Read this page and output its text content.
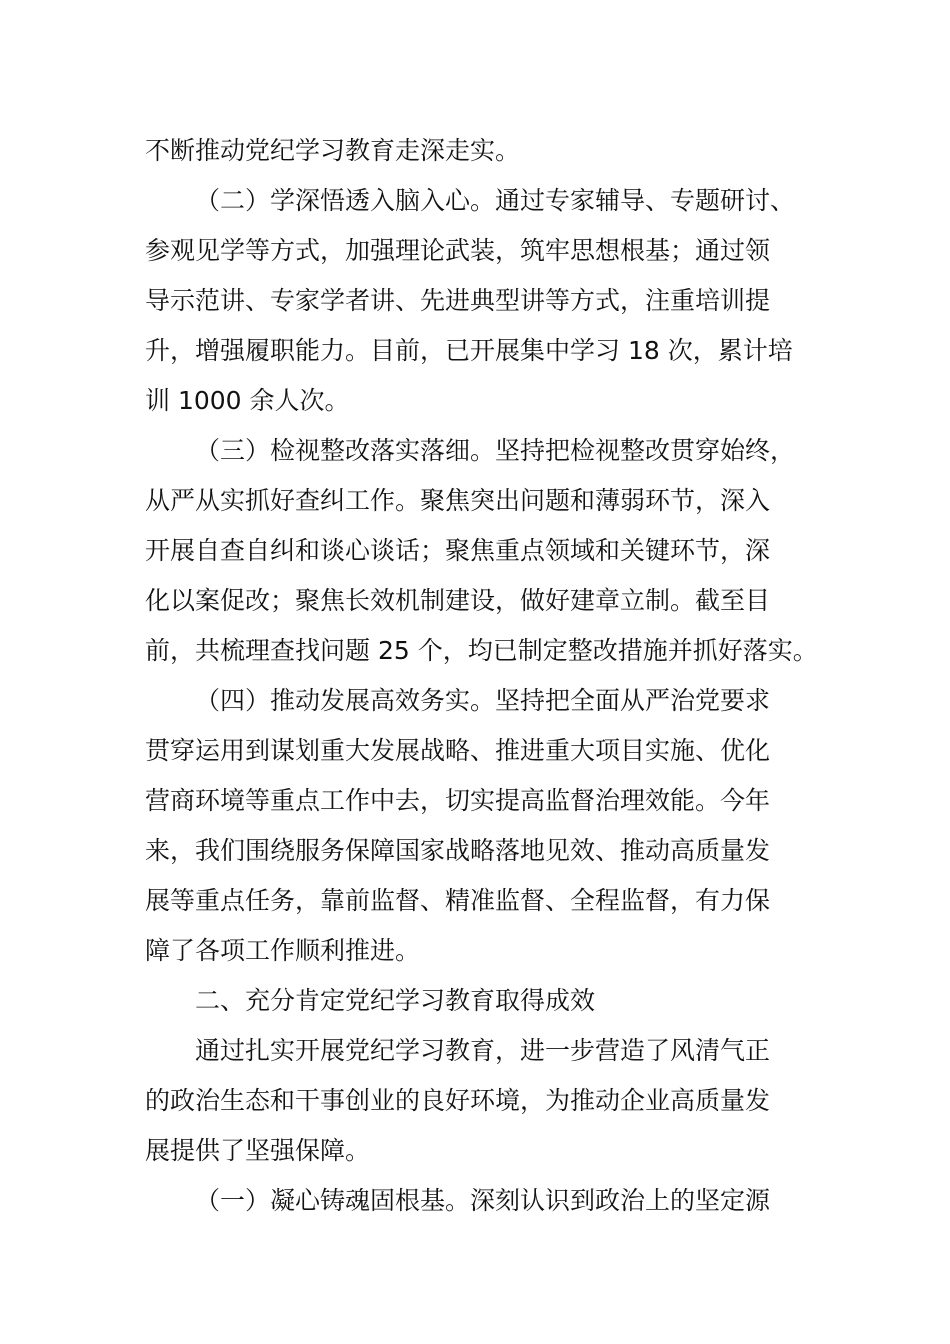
不断推动党纪学习教育走深走实。
（二）学深悟透入脑入心。通过专家辅导、专题研讨、
参观见学等方式，加强理论武装，筑牢思想根基；通过领
导示范讲、专家学者讲、先进典型讲等方式，注重培训提
升，增强履职能力。目前，已开展集中学习 18 次，累计培
训 1000 余人次。
（三）检视整改落实落细。坚持把检视整改贯穿始终，
从严从实抓好查纠工作。聚焦突出问题和薄弱环节，深入
开展自查自纠和谈心谈话；聚焦重点领域和关键环节，深
化以案促改；聚焦长效机制建设，做好建章立制。截至目
前，共梳理查找问题 25 个，均已制定整改措施并抓好落实。
（四）推动发展高效务实。坚持把全面从严治党要求
贯穿运用到谋划重大发展战略、推进重大项目实施、优化
营商环境等重点工作中去，切实提高监督治理效能。今年
来，我们围绕服务保障国家战略落地见效、推动高质量发
展等重点任务，靠前监督、精准监督、全程监督，有力保
障了各项工作顺利推进。
二、充分肯定党纪学习教育取得成效
通过扎实开展党纪学习教育，进一步营造了风清气正
的政治生态和干事创业的良好环境，为推动企业高质量发
展提供了坚强保障。
（一）凝心铸魂固根基。深刻认识到政治上的坚定源
